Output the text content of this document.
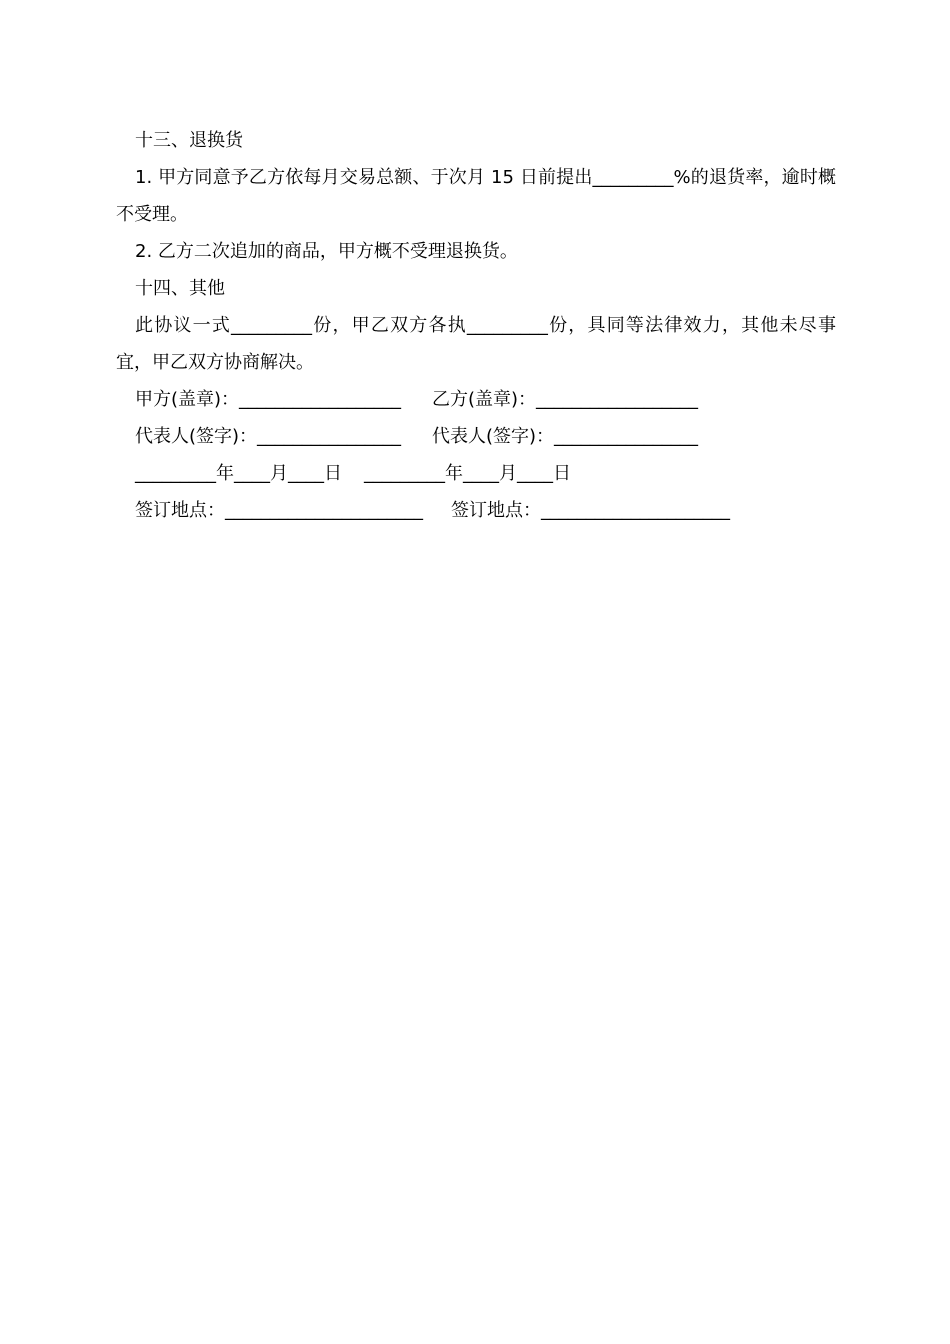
十三、退换货
1. 甲方同意予乙方依每月交易总额、于次月 15 日前提出_________%的退货率，逾时概不受理。
2. 乙方二次追加的商品，甲方概不受理退换货。
十四、其他
此协议一式_________份，甲乙双方各执_________份，具同等法律效力，其他未尽事宜，甲乙双方协商解决。

甲方(盖章)：__________________

乙方(盖章)：__________________

代表人(签字)：________________

代表人(签字)：________________

_________年____月____日

_________年____月____日

签订地点：______________________

签订地点：_____________________
